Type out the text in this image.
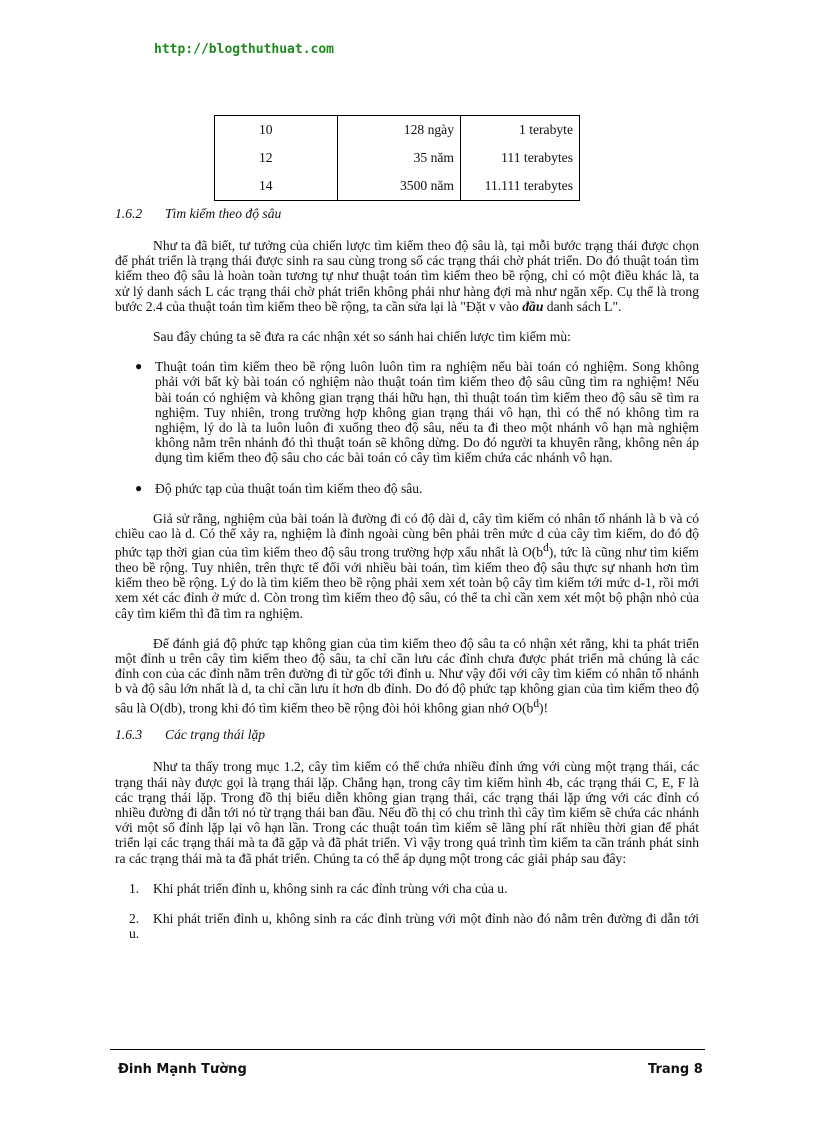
http://blogthuthuat.com
10	128 ngày	1 terabyte
12	35 năm	111 terabytes
14	3500 năm	11.111 terabytes
1.6.2 Tìm kiếm theo độ sâu

Như ta đã biết, tư tưởng của chiến lược tìm kiếm theo độ sâu là, tại mỗi bước trạng thái được chọn để phát triển là trạng thái được sinh ra sau cùng trong số các trạng thái chờ phát triển. Do đó thuật toán tìm kiếm theo độ sâu là hoàn toàn tương tự như thuật toán tìm kiếm theo bề rộng, chỉ có một điều khác là, ta xử lý danh sách L các trạng thái chờ phát triển không phải như hàng đợi mà như ngăn xếp. Cụ thể là trong bước 2.4 của thuật toán tìm kiếm theo bề rộng, ta cần sửa lại là "Đặt v vào đầu danh sách L".

Sau đây chúng ta sẽ đưa ra các nhận xét so sánh hai chiến lược tìm kiếm mù:

● Thuật toán tìm kiếm theo bề rộng luôn luôn tìm ra nghiệm nếu bài toán có nghiệm. Song không phải với bất kỳ bài toán có nghiệm nào thuật toán tìm kiếm theo độ sâu cũng tìm ra nghiệm! Nếu bài toán có nghiệm và không gian trạng thái hữu hạn, thì thuật toán tìm kiếm theo độ sâu sẽ tìm ra nghiệm. Tuy nhiên, trong trường hợp không gian trạng thái vô hạn, thì có thể nó không tìm ra nghiệm, lý do là ta luôn luôn đi xuống theo độ sâu, nếu ta đi theo một nhánh vô hạn mà nghiệm không nằm trên nhánh đó thì thuật toán sẽ không dừng. Do đó người ta khuyên rằng, không nên áp dụng tìm kiếm theo độ sâu cho các bài toán có cây tìm kiếm chứa các nhánh vô hạn.

● Độ phức tạp của thuật toán tìm kiếm theo độ sâu.

Giả sử rằng, nghiệm của bài toán là đường đi có độ dài d, cây tìm kiếm có nhân tố nhánh là b và có chiều cao là d. Có thể xảy ra, nghiệm là đỉnh ngoài cùng bên phải trên mức d của cây tìm kiếm, do đó độ phức tạp thời gian của tìm kiếm theo độ sâu trong trường hợp xấu nhất là $O(b^d)$, tức là cũng như tìm kiếm theo bề rộng. Tuy nhiên, trên thực tế đối với nhiều bài toán, tìm kiếm theo độ sâu thực sự nhanh hơn tìm kiếm theo bề rộng. Lý do là tìm kiếm theo bề rộng phải xem xét toàn bộ cây tìm kiếm tới mức d-1, rồi mới xem xét các đỉnh ở mức d. Còn trong tìm kiếm theo độ sâu, có thể ta chỉ cần xem xét một bộ phận nhỏ của cây tìm kiếm thì đã tìm ra nghiệm.

Để đánh giá độ phức tạp không gian của tìm kiếm theo độ sâu ta có nhận xét rằng, khi ta phát triển một đỉnh u trên cây tìm kiếm theo độ sâu, ta chỉ cần lưu các đỉnh chưa được phát triển mà chúng là các đỉnh con của các đỉnh nằm trên đường đi từ gốc tới đỉnh u. Như vậy đối với cây tìm kiếm có nhân tố nhánh b và độ sâu lớn nhất là d, ta chỉ cần lưu ít hơn db đỉnh. Do đó độ phức tạp không gian của tìm kiếm theo độ sâu là O(db), trong khi đó tìm kiếm theo bề rộng đòi hỏi không gian nhớ $O(b^d)$!

1.6.3 Các trạng thái lặp

Như ta thấy trong mục 1.2, cây tìm kiếm có thể chứa nhiều đỉnh ứng với cùng một trạng thái, các trạng thái này được gọi là trạng thái lặp. Chẳng hạn, trong cây tìm kiếm hình 4b, các trạng thái C, E, F là các trạng thái lặp. Trong đồ thị biểu diễn không gian trạng thái, các trạng thái lặp ứng với các đỉnh có nhiều đường đi dẫn tới nó từ trạng thái ban đầu. Nếu đồ thị có chu trình thì cây tìm kiếm sẽ chứa các nhánh với một số đỉnh lặp lại vô hạn lần. Trong các thuật toán tìm kiếm sẽ lãng phí rất nhiều thời gian để phát triển lại các trạng thái mà ta đã gặp và đã phát triển. Vì vậy trong quá trình tìm kiếm ta cần tránh phát sinh ra các trạng thái mà ta đã phát triển. Chúng ta có thể áp dụng một trong các giải pháp sau đây:

1. Khi phát triển đỉnh u, không sinh ra các đỉnh trùng với cha của u.

2. Khi phát triển đỉnh u, không sinh ra các đỉnh trùng với một đỉnh nào đó nằm trên đường đi dẫn tới u.

Đinh Mạnh Tường	Trang 8
